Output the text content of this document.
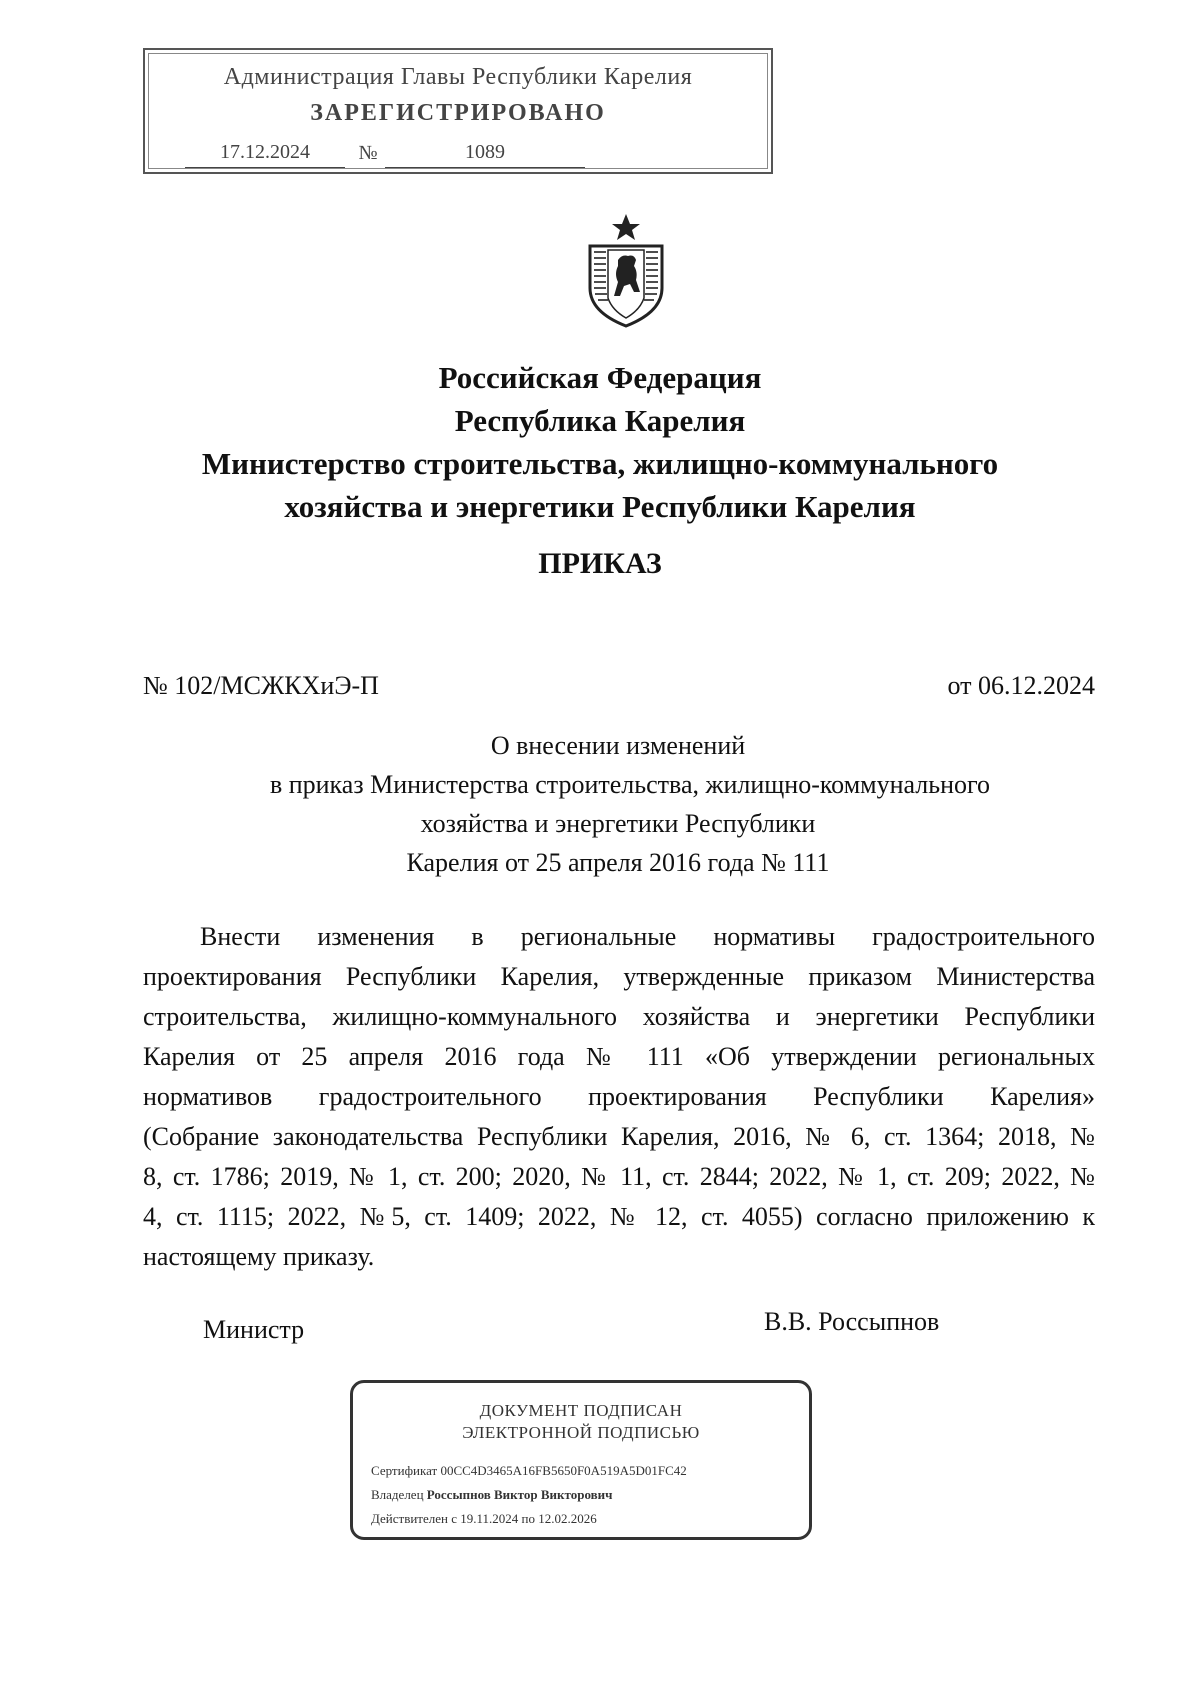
Администрация Главы Республики Карелия
ЗАРЕГИСТРИРОВАНО
17.12.2024	№	1089
Российская Федерация
Республика Карелия
Министерство строительства, жилищно-коммунального
хозяйства и энергетики Республики Карелия
ПРИКАЗ
№ 102/МСЖКХиЭ-П	от 06.12.2024
О внесении изменений
в приказ Министерства строительства, жилищно-коммунального
хозяйства и энергетики Республики
Карелия от 25 апреля 2016 года № 111
Внести изменения в региональные нормативы градостроительного
проектирования Республики Карелия, утвержденные приказом Министерства
строительства, жилищно-коммунального хозяйства и энергетики Республики
Карелия от 25 апреля 2016 года № 111 «Об утверждении региональных
нормативов градостроительного проектирования Республики Карелия»
(Собрание законодательства Республики Карелия, 2016, № 6, ст. 1364; 2018, №
8, ст. 1786; 2019, № 1, ст. 200; 2020, № 11, ст. 2844; 2022, № 1, ст. 209; 2022, №
4, ст. 1115; 2022, №5, ст. 1409; 2022, № 12, ст. 4055) согласно приложению к
настоящему приказу.
Министр	В.В. Россыпнов
ДОКУМЕНТ ПОДПИСАН
ЭЛЕКТРОННОЙ ПОДПИСЬЮ
Сертификат 00CC4D3465A16FB5650F0A519A5D01FC42
Владелец Россыпнов Виктор Викторович
Действителен с 19.11.2024 по 12.02.2026
